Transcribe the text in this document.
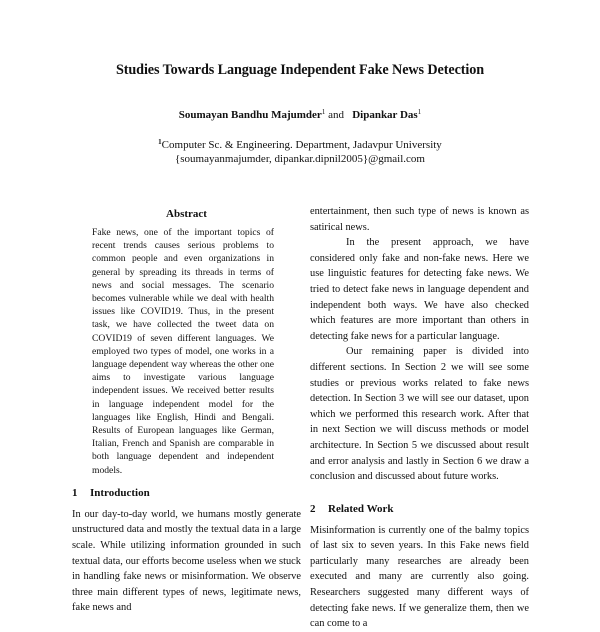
Studies Towards Language Independent Fake News Detection
Soumayan Bandhu Majumder$^1$ and Dipankar Das$^1$
$^1$Computer Sc. & Engineering. Department, Jadavpur University
{soumayanmajumder, dipankar.dipnil2005}@gmail.com
Abstract

Fake news, one of the important topics of recent trends causes serious problems to common people and even organizations in general by spreading its threads in terms of news and social messages. The scenario becomes vulnerable while we deal with health issues like COVID19. Thus, in the present task, we have collected the tweet data on COVID19 of seven different languages. We employed two types of model, one works in a language dependent way whereas the other one aims to investigate various language independent issues. We received better results in language independent model for the languages like English, Hindi and Bengali. Results of European languages like German, Italian, French and Spanish are comparable in both language dependent and independent models.

1 Introduction

In our day-to-day world, we humans mostly generate unstructured data and mostly the textual data in a large scale. While utilizing information grounded in such textual data, our efforts become useless when we stuck in handling fake news or misinformation. We observe three main different types of news, legitimate news, fake news and

entertainment, then such type of news is known as satirical news.

In the present approach, we have considered only fake and non-fake news. Here we use linguistic features for detecting fake news. We tried to detect fake news in language dependent and independent both ways. We have also checked which features are more important than others in detecting fake news for a particular language.

Our remaining paper is divided into different sections. In Section 2 we will see some studies or previous works related to fake news detection. In Section 3 we will see our dataset, upon which we performed this research work. After that in next Section we will discuss methods or model architecture. In Section 5 we discussed about result and error analysis and lastly in Section 6 we draw a conclusion and discussed about future works.

2 Related Work

Misinformation is currently one of the balmy topics of last six to seven years. In this Fake news field particularly many researches are already been executed and many are currently also going. Researchers suggested many different ways of detecting fake news. If we generalize them, then we can come to a
